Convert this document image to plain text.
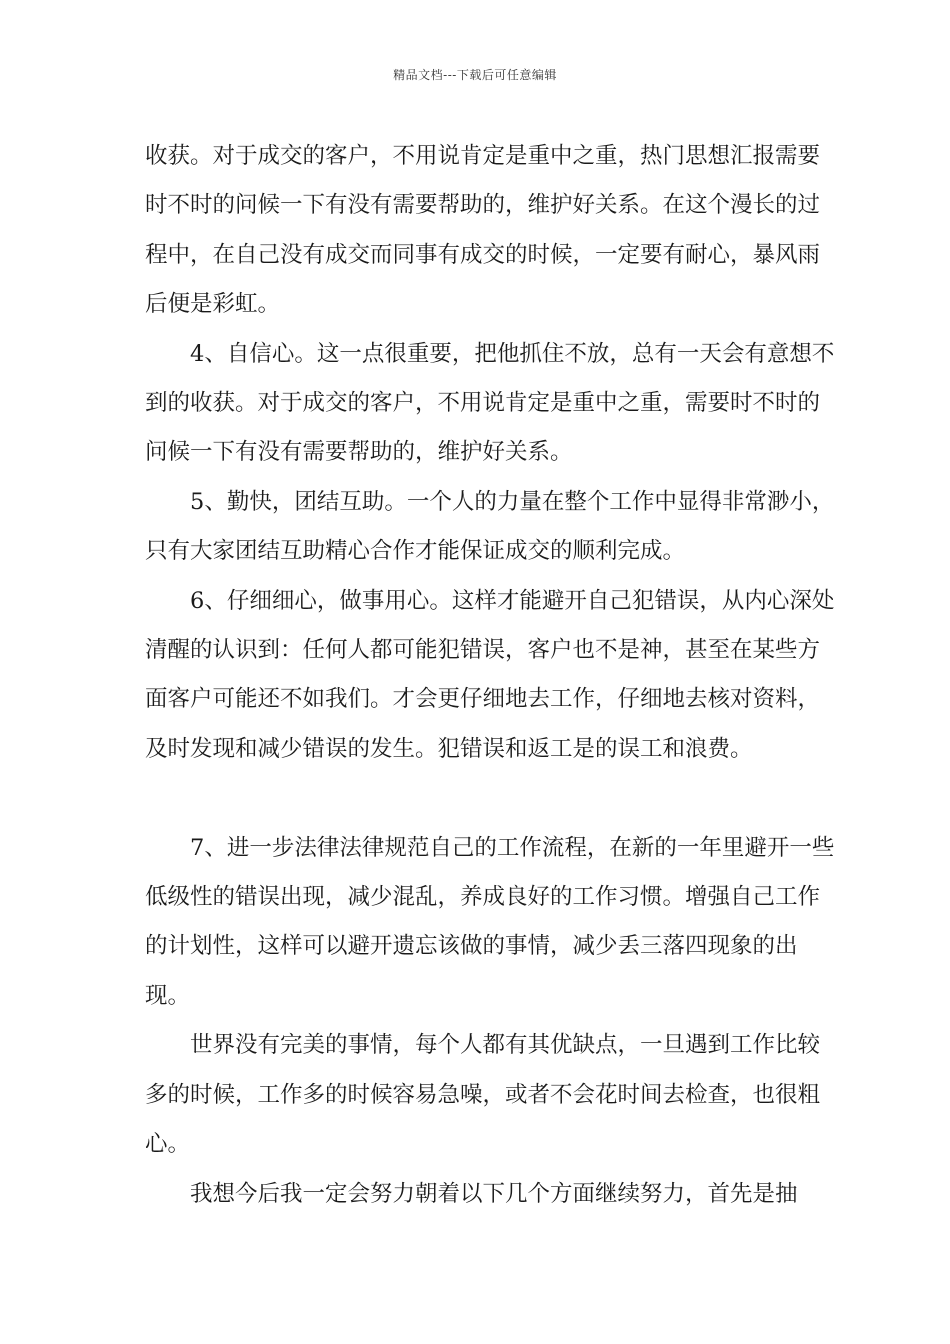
精品文档---下载后可任意编辑

收获。对于成交的客户，不用说肯定是重中之重，热门思想汇报需要时不时的问候一下有没有需要帮助的，维护好关系。在这个漫长的过程中，在自己没有成交而同事有成交的时候，一定要有耐心，暴风雨后便是彩虹。

4、自信心。这一点很重要，把他抓住不放，总有一天会有意想不到的收获。对于成交的客户，不用说肯定是重中之重，需要时不时的问候一下有没有需要帮助的，维护好关系。

5、勤快，团结互助。一个人的力量在整个工作中显得非常渺小，只有大家团结互助精心合作才能保证成交的顺利完成。

6、仔细细心，做事用心。这样才能避开自己犯错误，从内心深处清醒的认识到：任何人都可能犯错误，客户也不是神，甚至在某些方面客户可能还不如我们。才会更仔细地去工作，仔细地去核对资料，及时发现和减少错误的发生。犯错误和返工是的误工和浪费。

7、进一步法律法律规范自己的工作流程，在新的一年里避开一些低级性的错误出现，减少混乱，养成良好的工作习惯。增强自己工作的计划性，这样可以避开遗忘该做的事情，减少丢三落四现象的出现。

世界没有完美的事情，每个人都有其优缺点，一旦遇到工作比较多的时候，工作多的时候容易急噪，或者不会花时间去检查，也很粗心。

我想今后我一定会努力朝着以下几个方面继续努力，首先是抽
